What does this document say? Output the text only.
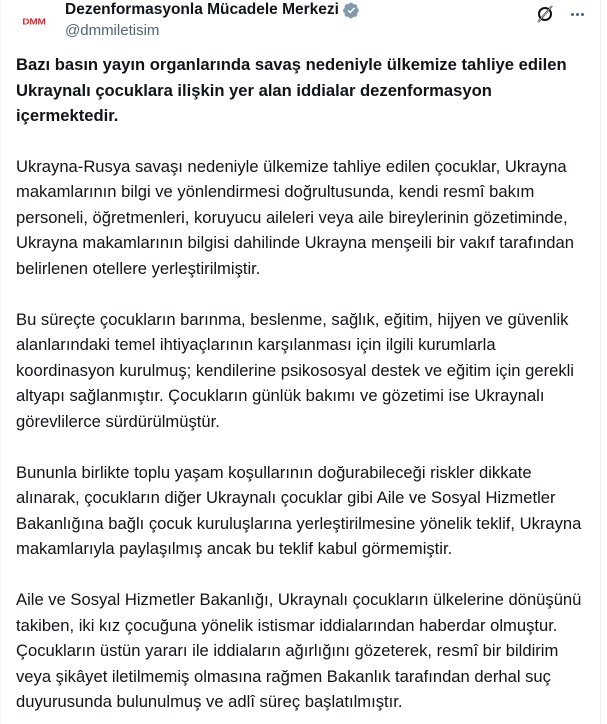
DMM
Dezenformasyonla Mücadele Merkezi
@dmmiletisim

Bazı basın yayın organlarında savaş nedeniyle ülkemize tahliye edilen Ukraynalı çocuklara ilişkin yer alan iddialar dezenformasyon içermektedir.

Ukrayna-Rusya savaşı nedeniyle ülkemize tahliye edilen çocuklar, Ukrayna makamlarının bilgi ve yönlendirmesi doğrultusunda, kendi resmî bakım personeli, öğretmenleri, koruyucu aileleri veya aile bireylerinin gözetiminde, Ukrayna makamlarının bilgisi dahilinde Ukrayna menşeili bir vakıf tarafından belirlenen otellere yerleştirilmiştir.

Bu süreçte çocukların barınma, beslenme, sağlık, eğitim, hijyen ve güvenlik alanlarındaki temel ihtiyaçlarının karşılanması için ilgili kurumlarla koordinasyon kurulmuş; kendilerine psikososyal destek ve eğitim için gerekli altyapı sağlanmıştır. Çocukların günlük bakımı ve gözetimi ise Ukraynalı görevlilerce sürdürülmüştür.

Bununla birlikte toplu yaşam koşullarının doğurabileceği riskler dikkate alınarak, çocukların diğer Ukraynalı çocuklar gibi Aile ve Sosyal Hizmetler Bakanlığına bağlı çocuk kuruluşlarına yerleştirilmesine yönelik teklif, Ukrayna makamlarıyla paylaşılmış ancak bu teklif kabul görmemiştir.

Aile ve Sosyal Hizmetler Bakanlığı, Ukraynalı çocukların ülkelerine dönüşünü takiben, iki kız çocuğuna yönelik istismar iddialarından haberdar olmuştur. Çocukların üstün yararı ile iddiaların ağırlığını gözeterek, resmî bir bildirim veya şikâyet iletilmemiş olmasına rağmen Bakanlık tarafından derhal suç duyurusunda bulunulmuş ve adlî süreç başlatılmıştır.
